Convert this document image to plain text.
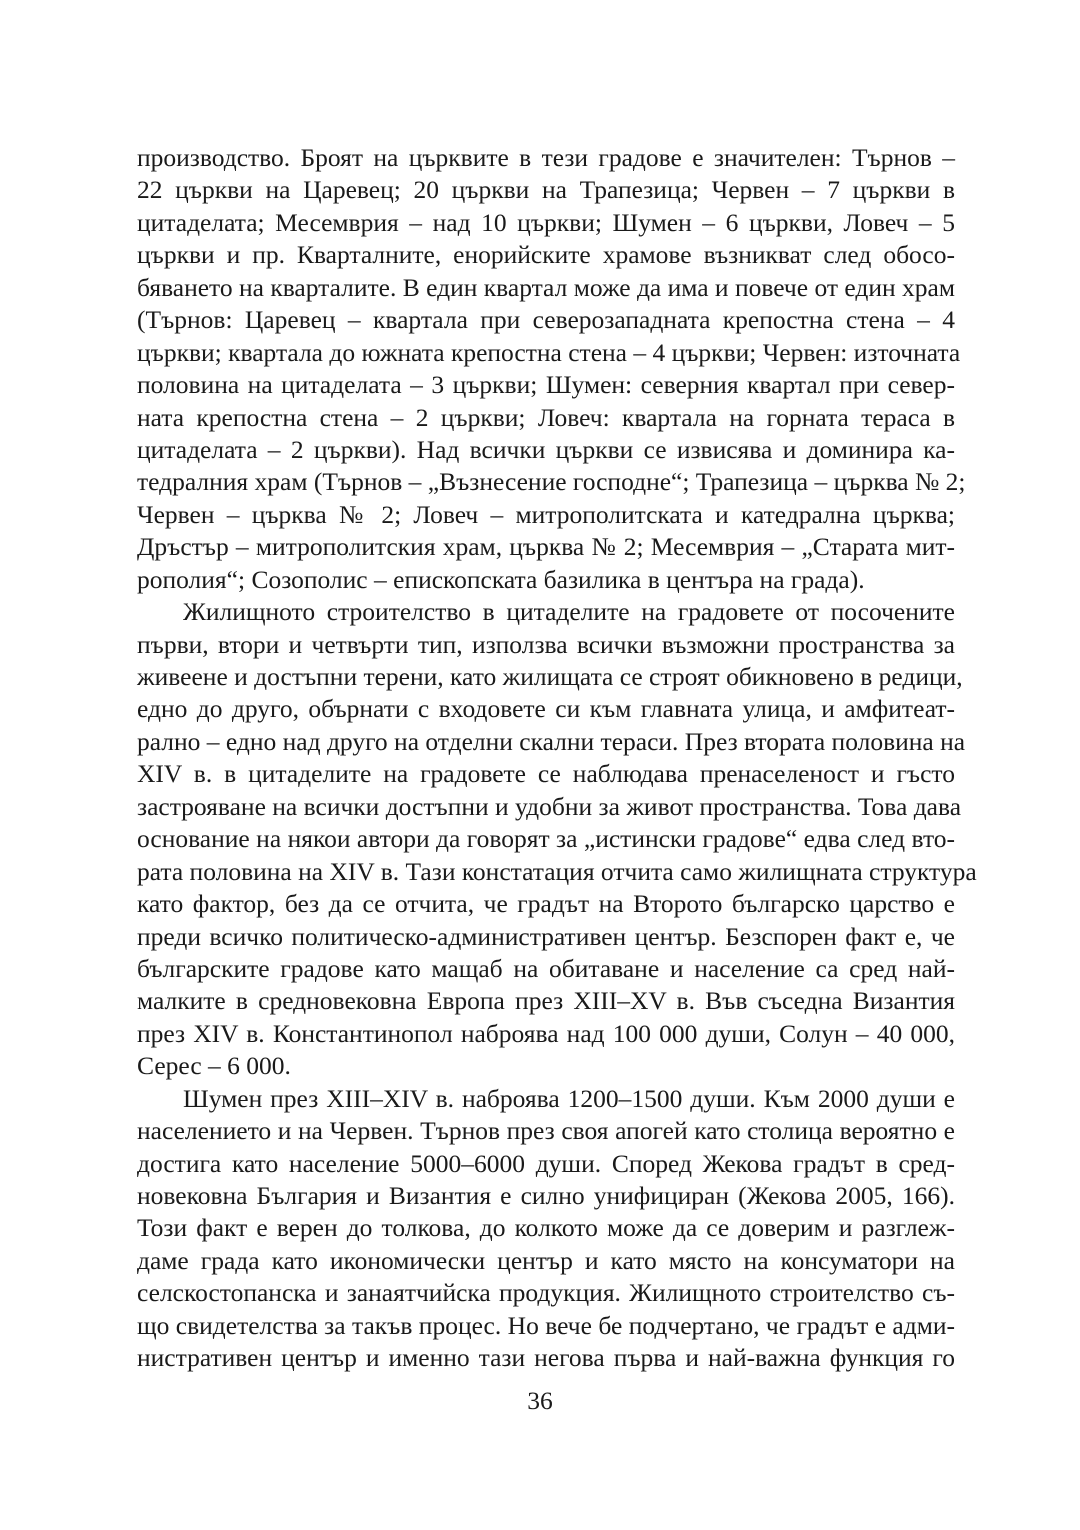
производство. Броят на църквите в тези градове е значителен: Търнов –
22 църкви на Царевец; 20 църкви на Трапезица; Червен – 7 църкви в
цитаделата; Месемврия – над 10 църкви; Шумен – 6 църкви, Ловеч – 5
църкви и пр. Кварталните, енорийските храмове възникват след обосо-
бяването на кварталите. В един квартал може да има и повече от един храм
(Търнов: Царевец – квартала при северозападната крепостна стена – 4
църкви; квартала до южната крепостна стена – 4 църкви; Червен: източната
половина на цитаделата – 3 църкви; Шумен: северния квартал при север-
ната крепостна стена – 2 църкви; Ловеч: квартала на горната тераса в
цитаделата – 2 църкви). Над всички църкви се извисява и доминира ка-
тедралния храм (Търнов – „Възнесение господне“; Трапезица – църква № 2;
Червен – църква № 2; Ловеч – митрополитската и катедрална църква;
Дръстър – митрополитския храм, църква № 2; Месемврия – „Старата мит-
рополия“; Созополис – епископската базилика в центъра на града).
Жилищното строителство в цитаделите на градовете от посочените
първи, втори и четвърти тип, използва всички възможни пространства за
живеене и достъпни терени, като жилищата се строят обикновено в редици,
едно до друго, обърнати с входовете си към главната улица, и амфитеат-
рално – едно над друго на отделни скални тераси. През втората половина на
XIV в. в цитаделите на градовете се наблюдава пренаселеност и гъсто
застрояване на всички достъпни и удобни за живот пространства. Това дава
основание на някои автори да говорят за „истински градове“ едва след вто-
рата половина на XIV в. Тази констатация отчита само жилищната структура
като фактор, без да се отчита, че градът на Второто българско царство е
преди всичко политическо-административен център. Безспорен факт е, че
българските градове като мащаб на обитаване и население са сред най-
малките в средновековна Европа през XIII–XV в. Във съседна Византия
през XIV в. Константинопол наброява над 100 000 души, Солун – 40 000,
Серес – 6 000.
Шумен през XIII–XIV в. наброява 1200–1500 души. Към 2000 души е
населението и на Червен. Търнов през своя апогей като столица вероятно е
достига като население 5000–6000 души. Според Жекова градът в сред-
новековна България и Византия е силно унифициран (Жекова 2005, 166).
Този факт е верен до толкова, до колкото може да се доверим и разглеж-
даме града като икономически център и като място на консуматори на
селскостопанска и занаятчийска продукция. Жилищното строителство съ-
що свидетелства за такъв процес. Но вече бе подчертано, че градът е адми-
нистративен център и именно тази негова първа и най-важна функция го
36
